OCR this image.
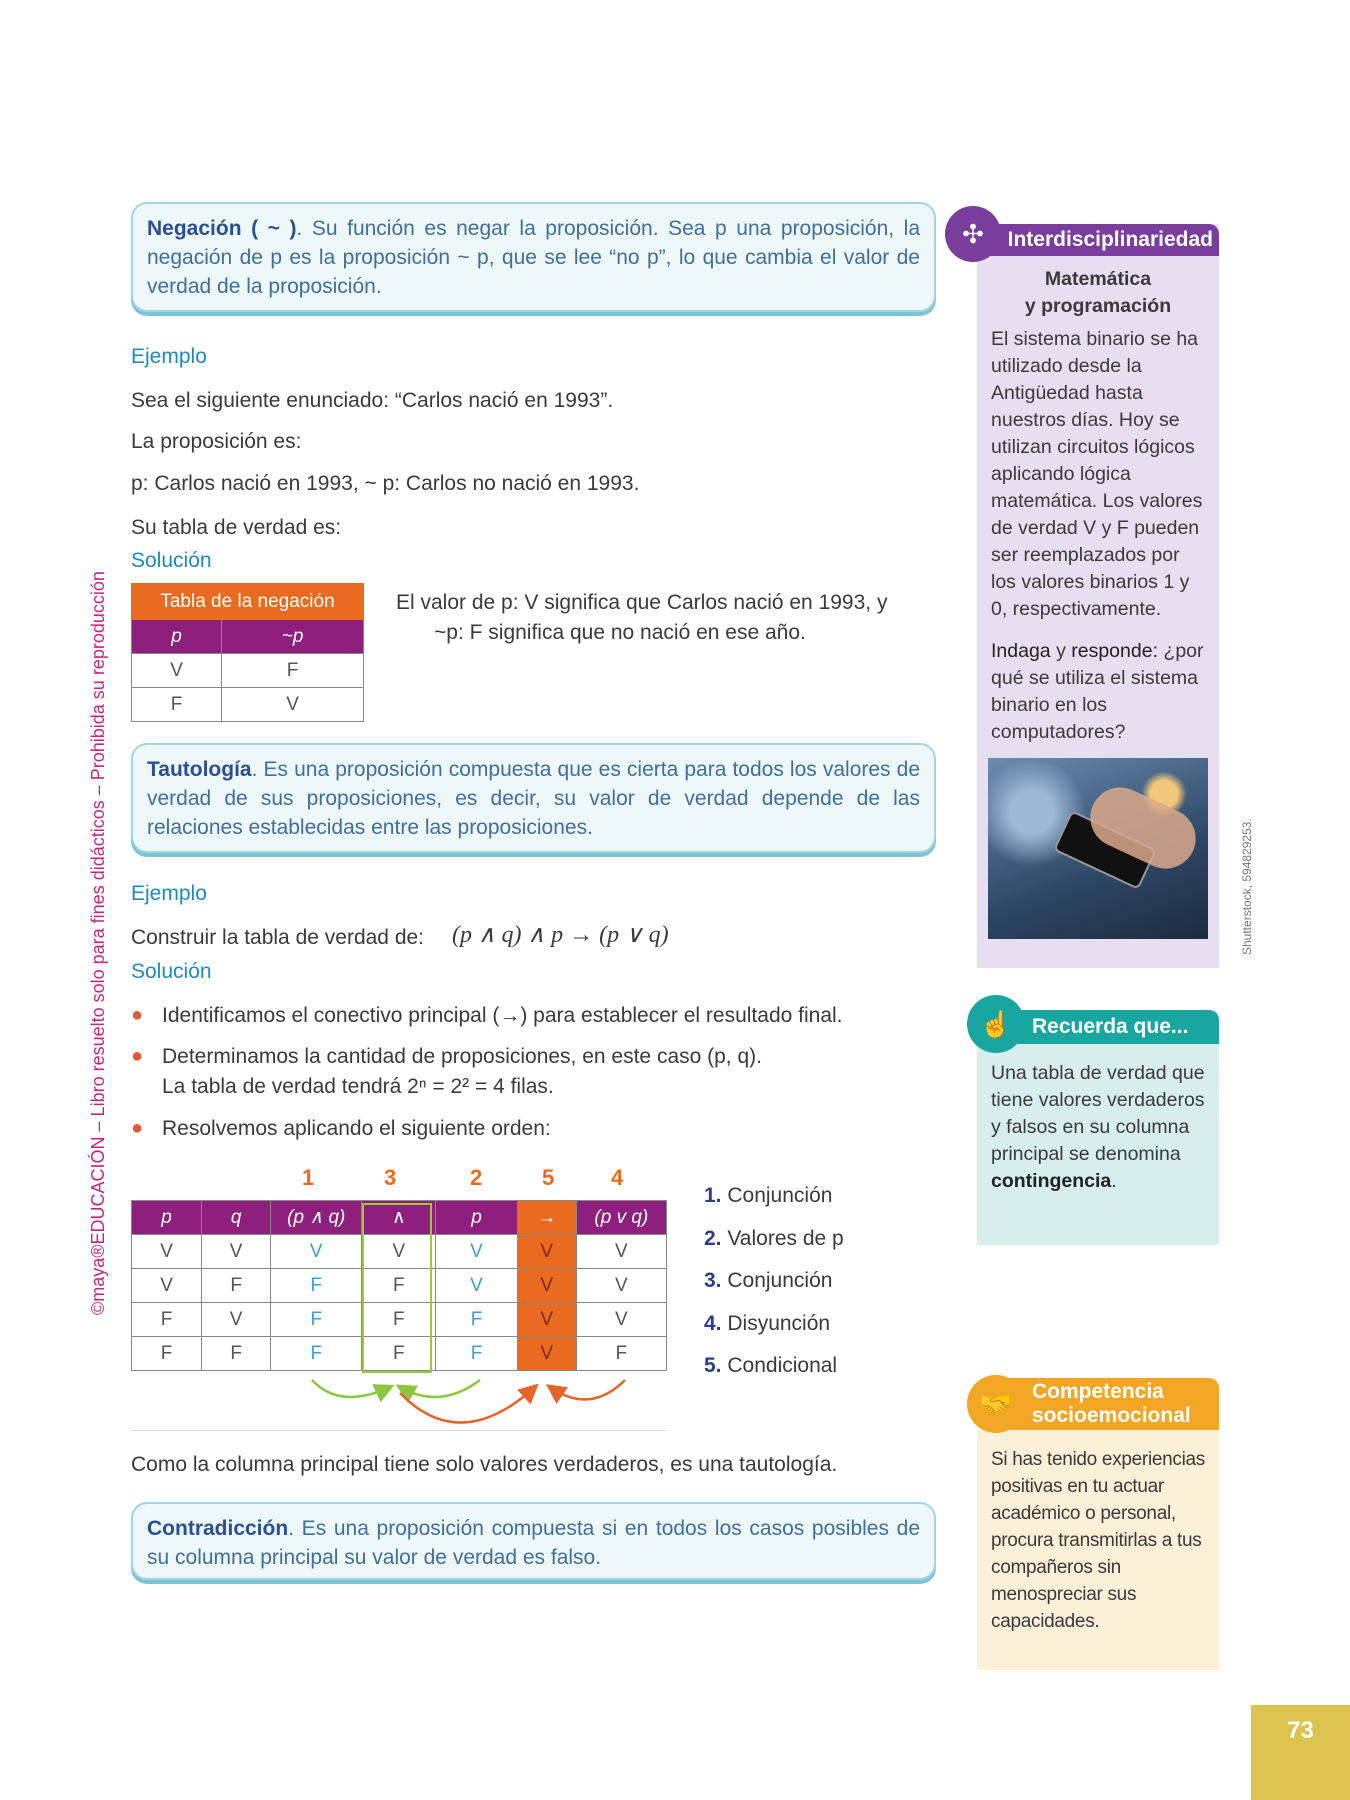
©maya®EDUCACIÓN – Libro resuelto solo para fines didácticos – Prohibida su reproducción
Negación ( ~ ). Su función es negar la proposición. Sea p una proposición, la negación de p es la proposición ~ p, que se lee “no p”, lo que cambia el valor de verdad de la proposición.
Ejemplo
Sea el siguiente enunciado: “Carlos nació en 1993”.
La proposición es:
p: Carlos nació en 1993, ~ p: Carlos no nació en 1993.
Su tabla de verdad es:
Solución
Tabla de la negación	
p	~p
V	F
F	V
El valor de p: V significa que Carlos nació en 1993, y
~p: F significa que no nació en ese año.
Tautología. Es una proposición compuesta que es cierta para todos los valores de verdad de sus proposiciones, es decir, su valor de verdad depende de las relaciones establecidas entre las proposiciones.
Ejemplo
Construir la tabla de verdad de: (p ∧ q) ∧ p → (p ∨ q)
Solución
● Identificamos el conectivo principal (→) para establecer el resultado final.
● Determinamos la cantidad de proposiciones, en este caso (p, q).
La tabla de verdad tendrá 2ⁿ = 2² = 4 filas.
● Resolvemos aplicando el siguiente orden:
1	3	2	5	4
p	q	(p ∧ q)	∧	p	→	(p v q)
V	V	V	V	V	V	V
V	F	F	F	V	V	V
F	V	F	F	F	V	V
F	F	F	F	F	V	F
1. Conjunción
2. Valores de p
3. Conjunción
4. Disyunción
5. Condicional
Como la columna principal tiene solo valores verdaderos, es una tautología.
Contradicción. Es una proposición compuesta si en todos los casos posibles de su columna principal su valor de verdad es falso.
Interdisciplinariedad
✣
Matemática
y programación
El sistema binario se ha utilizado desde la Antigüedad hasta nuestros días. Hoy se utilizan circuitos lógicos aplicando lógica matemática. Los valores de verdad V y F pueden ser reemplazados por los valores binarios 1 y 0, respectivamente.
Indaga y responde: ¿por qué se utiliza el sistema binario en los computadores?
Shutterstock, 594829253.
Recuerda que...
☝
Una tabla de verdad que tiene valores verdaderos y falsos en su columna principal se denomina contingencia.
Competencia
socioemocional
🤝
Si has tenido experiencias positivas en tu actuar académico o personal, procura transmitirlas a tus compañeros sin menospreciar sus capacidades.
73
